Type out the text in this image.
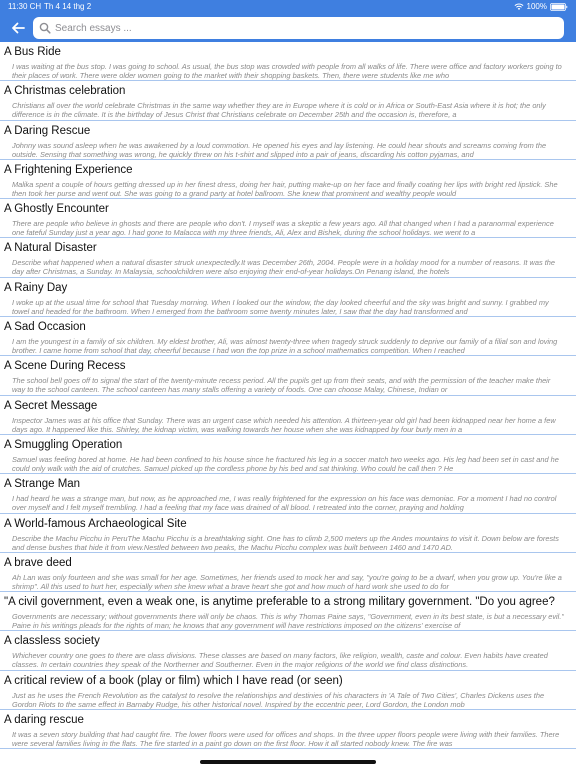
11:30 CH Th 4 14 thg 2	100%
Search essays ...
A Bus Ride
I was waiting at the bus stop. I was going to school. As usual, the bus stop was crowded with people from all walks of life. There were office and factory workers going to their places of work. There were older women going to the market with their shopping baskets. Then, there were students like me who
A Christmas celebration
Christians all over the world celebrate Christmas in the same way whether they are in Europe where it is cold or in Africa or South-East Asia where it is hot; the only difference is in the climate. It is the birthday of Jesus Christ that Christians celebrate on December 25th and the occasion is, therefore, a
A Daring Rescue
Johnny was sound asleep when he was awakened by a loud commotion. He opened his eyes and lay listening. He could hear shouts and screams coming from the outside. Sensing that something was wrong, he quickly threw on his t-shirt and slipped into a pair of jeans, discarding his cotton pyjamas, and
A Frightening Experience
Malika spent a couple of hours getting dressed up in her finest dress, doing her hair, putting make-up on her face and finally coating her lips with bright red lipstick. She then took her purse and went out. She was going to a grand party at hotel ballroom. She knew that prominent and wealthy people would
A Ghostly Encounter
There are people who believe in ghosts and there are people who don't. I myself was a skeptic a few years ago. All that changed when I had a paranormal experience one fateful Sunday just a year ago. I had gone to Malacca with my three friends, Ali, Alex and Bishek, during the school holidays. we went to a
A Natural Disaster
Describe what happened when a natural disaster struck unexpectedly.It was December 26th, 2004. People were in a holiday mood for a number of reasons. It was the day after Christmas, a Sunday. In Malaysia, schoolchildren were also enjoying their end-of-year holidays.On Penang island, the hotels
A Rainy Day
I woke up at the usual time for school that Tuesday morning. When I looked our the window, the day looked cheerful and the sky was bright and sunny. I grabbed my towel and headed for the bathroom. When I emerged from the bathroom some twenty minutes later, I saw that the day had transformed and
A Sad Occasion
I am the youngest in a family of six children. My eldest brother, Ali, was almost twenty-three when tragedy struck suddenly to deprive our family of a filial son and loving brother. I came home from school that day, cheerful because I had won the top prize in a school mathematics competition. When I reached
A Scene During Recess
The school bell goes off to signal the start of the twenty-minute recess period. All the pupils get up from their seats, and with the permission of the teacher make their way to the school canteen. The school canteen has many stalls offering a variety of foods. One can choose Malay, Chinese, Indian or
A Secret Message
Inspector James was at his office that Sunday. There was an urgent case which needed his attention. A thirteen-year old girl had been kidnapped near her home a few days ago. It happened like this. Shirley, the kidnap victim, was walking towards her house when she was kidnapped by four burly men in a
A Smuggling Operation
Samuel was feeling bored at home. He had been confined to his house since he fractured his leg in a soccer match two weeks ago. His leg had been set in cast and he could only walk with the aid of crutches. Samuel picked up the cordless phone by his bed and sat thinking. Who could he call then ? He
A Strange Man
I had heard he was a strange man, but now, as he approached me, I was really frightened for the expression on his face was demoniac. For a moment I had no control over myself and I felt myself trembling. I had a feeling that my face was drained of all blood. I retreated into the corner, praying and holding
A World-famous Archaeological Site
Describe the Machu Picchu in PeruThe Machu Picchu is a breathtaking sight. One has to climb 2,500 meters up the Andes mountains to visit it. Down below are forests and dense bushes that hide it from view.Nestled between two peaks, the Machu Picchu complex was built between 1460 and 1470 AD.
A brave deed
Ah Lan was only fourteen and she was small for her age. Sometimes, her friends used to mock her and say, "you're going to be a dwarf, when you grow up. You're like a shrimp". All this used to hurt her, especially when she knew what a brave heart she got and how much of hard work she used to do for
"A civil government, even a weak one, is anytime preferable to a strong military government. "Do you agree?
Governments are necessary; without governments there will only be chaos. This is why Thomas Paine says, "Government, even in its best state, is but a necessary evil." Paine in his writings pleads for the rights of man; he knows that any government will have restrictions imposed on the citizens' exercise of
A classless society
Whichever country one goes to there are class divisions. These classes are based on many factors, like religion, wealth, caste and colour. Even habits have created classes. In certain countries they speak of the Northerner and Southerner. Even in the major religions of the world we find class distinctions.
A critical review of a book (play or film) which I have read (or seen)
Just as he uses the French Revolution as the catalyst to resolve the relationships and destinies of his characters in 'A Tale of Two Cities', Charles Dickens uses the Gordon Riots to the same effect in Barnaby Rudge, his other historical novel. Inspired by the eccentric peer, Lord Gordon, the London mob
A daring rescue
It was a seven story building that had caught fire. The lower floors were used for offices and shops. In the three upper floors people were living with their families. There were several families living in the flats. The fire started in a paint go down on the first floor. How it all started nobody knew. The fire was
